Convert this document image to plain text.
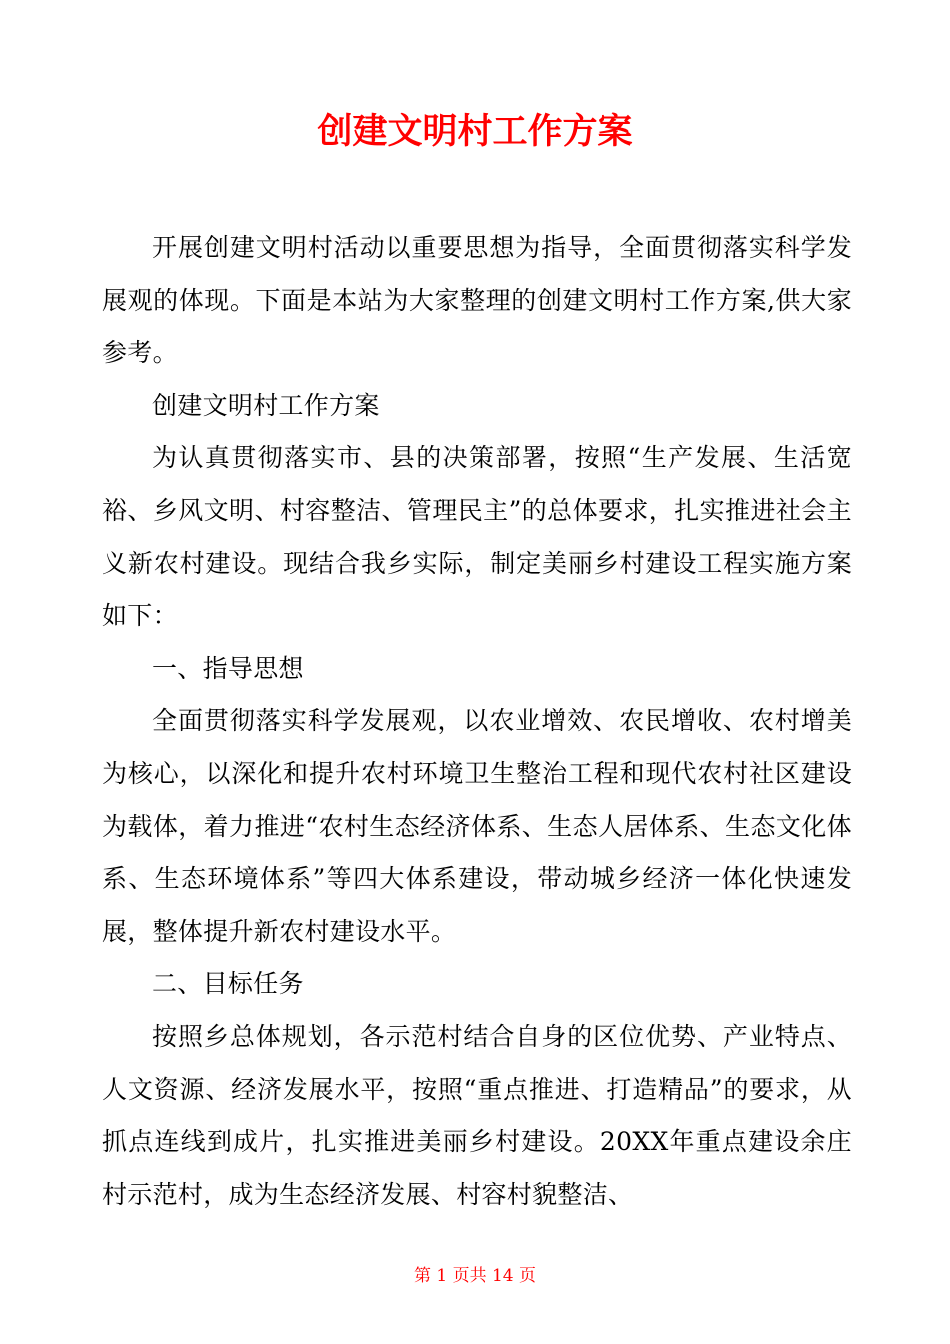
创建文明村工作方案

开展创建文明村活动以重要思想为指导，全面贯彻落实科学发展观的体现。下面是本站为大家整理的创建文明村工作方案,供大家参考。

创建文明村工作方案

为认真贯彻落实市、县的决策部署，按照“生产发展、生活宽裕、乡风文明、村容整洁、管理民主”的总体要求，扎实推进社会主义新农村建设。现结合我乡实际，制定美丽乡村建设工程实施方案如下：

一、指导思想

全面贯彻落实科学发展观，以农业增效、农民增收、农村增美为核心，以深化和提升农村环境卫生整治工程和现代农村社区建设为载体，着力推进“农村生态经济体系、生态人居体系、生态文化体系、生态环境体系”等四大体系建设，带动城乡经济一体化快速发展，整体提升新农村建设水平。

二、目标任务

按照乡总体规划，各示范村结合自身的区位优势、产业特点、人文资源、经济发展水平，按照“重点推进、打造精品”的要求，从抓点连线到成片，扎实推进美丽乡村建设。20XX年重点建设余庄村示范村，成为生态经济发展、村容村貌整洁、

第 1 页共 14 页
